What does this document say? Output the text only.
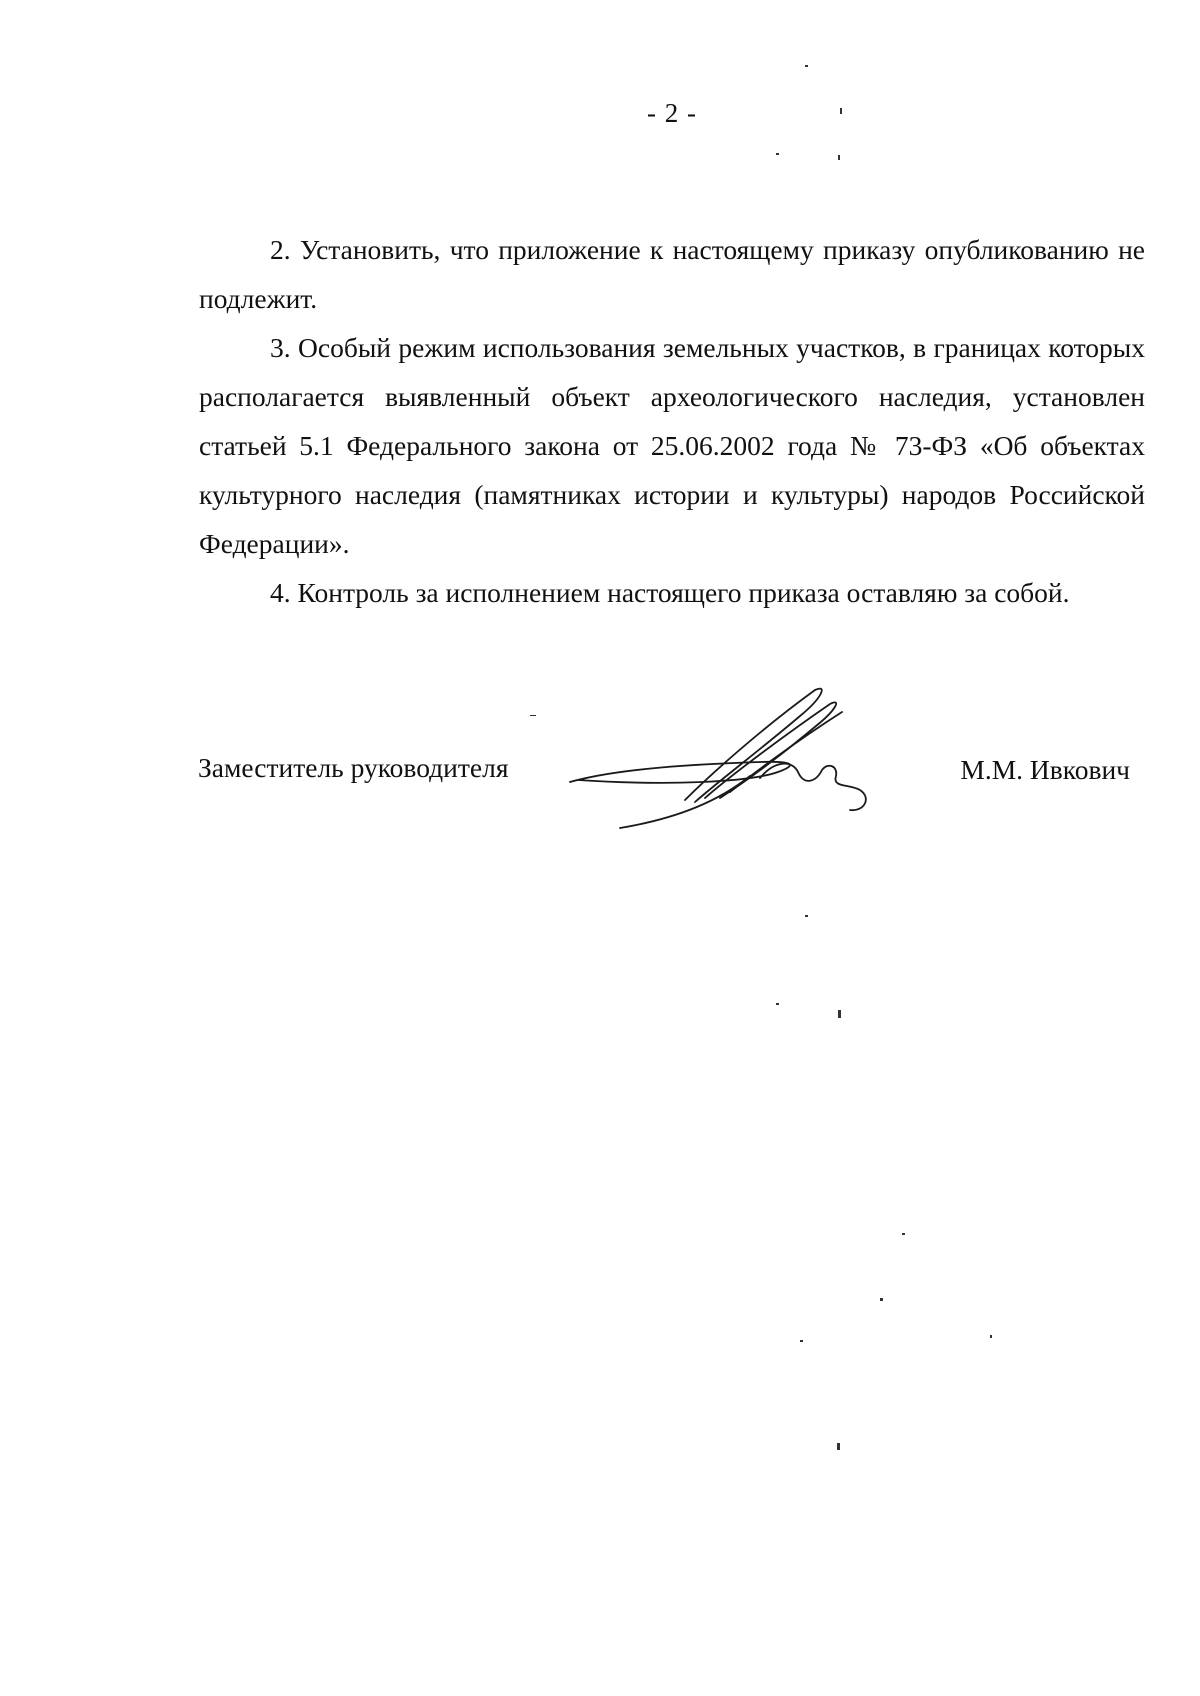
- 2 -

2. Установить, что приложение к настоящему приказу опубликованию не подлежит.

3. Особый режим использования земельных участков, в границах которых располагается выявленный объект археологического наследия, установлен статьей 5.1 Федерального закона от 25.06.2002 года № 73-ФЗ «Об объектах культурного наследия (памятниках истории и культуры) народов Российской Федерации».

4. Контроль за исполнением настоящего приказа оставляю за собой.

Заместитель руководителя	М.М. Ивкович
